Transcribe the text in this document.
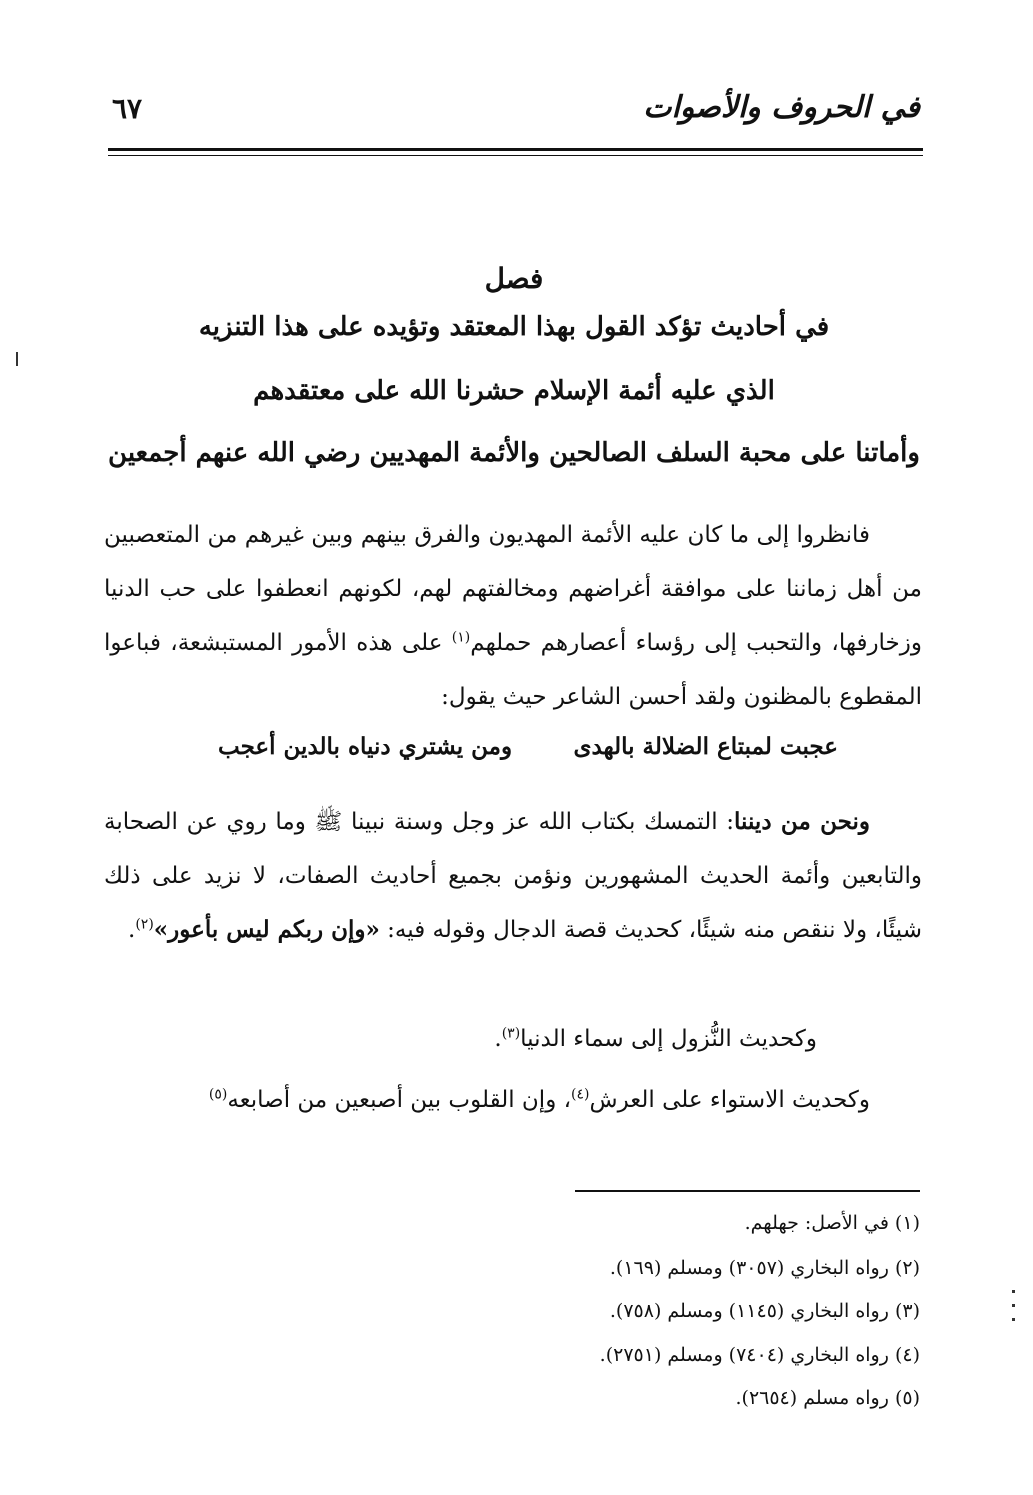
في الحروف والأصوات
٦٧
فصل
في أحاديث تؤكد القول بهذا المعتقد وتؤيده على هذا التنزيه
الذي عليه أئمة الإسلام حشرنا الله على معتقدهم
وأماتنا على محبة السلف الصالحين والأئمة المهديين رضي الله عنهم أجمعين

فانظروا إلى ما كان عليه الأئمة المهديون والفرق بينهم وبين غيرهم من المتعصبين من أهل زماننا على موافقة أغراضهم ومخالفتهم لهم، لكونهم انعطفوا على حب الدنيا وزخارفها، والتحبب إلى رؤساء أعصارهم حملهم$^{(١)}$ على هذه الأمور المستبشعة، فباعوا المقطوع بالمظنون ولقد أحسن الشاعر حيث يقول:

عجبت لمبتاع الضلالة بالهدى
ومن يشتري دنياه بالدين أعجب

ونحن من ديننا: التمسك بكتاب الله عز وجل وسنة نبينا ﷺ وما روي عن الصحابة والتابعين وأئمة الحديث المشهورين ونؤمن بجميع أحاديث الصفات، لا نزيد على ذلك شيئًا، ولا ننقص منه شيئًا، كحديث قصة الدجال وقوله فيه: «وإن ربكم ليس بأعور»$^{(٢)}$.

وكحديث النُّزول إلى سماء الدنيا$^{(٣)}$.

وكحديث الاستواء على العرش$^{(٤)}$، وإن القلوب بين أصبعين من أصابعه$^{(٥)}$

(١) في الأصل: جهلهم.
(٢) رواه البخاري (٣٠٥٧) ومسلم (١٦٩).
(٣) رواه البخاري (١١٤٥) ومسلم (٧٥٨).
(٤) رواه البخاري (٧٤٠٤) ومسلم (٢٧٥١).
(٥) رواه مسلم (٢٦٥٤).
